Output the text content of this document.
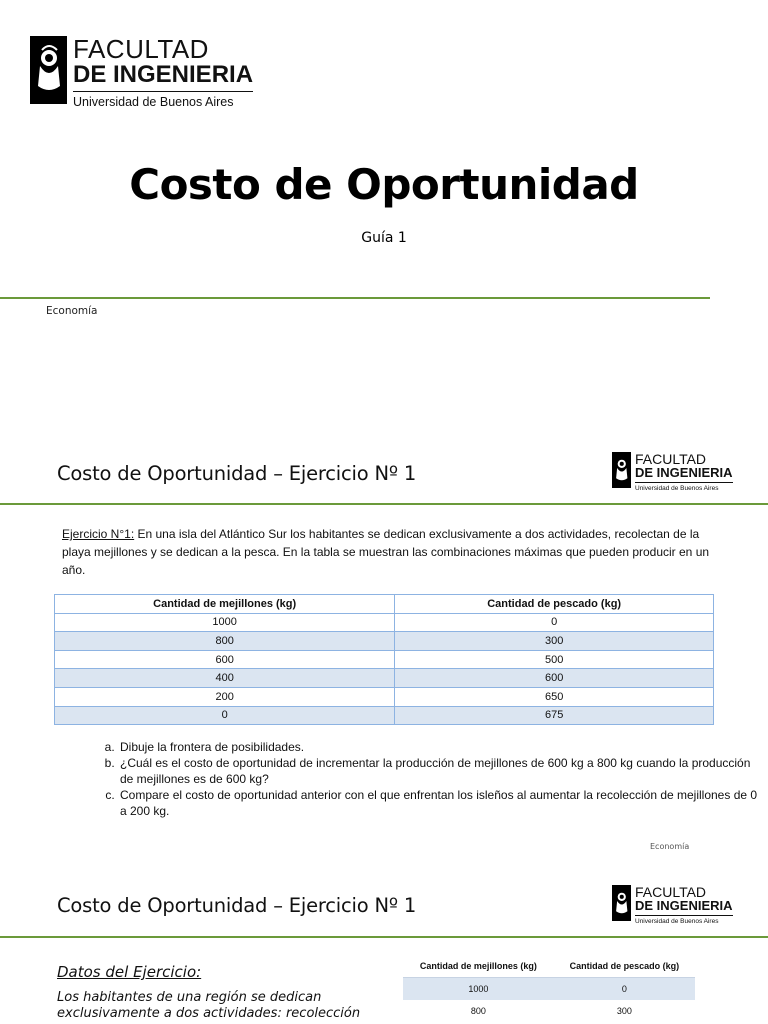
FACULTAD
DE INGENIERIA
Universidad de Buenos Aires
Costo de Oportunidad
Guía 1
Economía
Costo de Oportunidad – Ejercicio Nº 1
FACULTAD
DE INGENIERIA
Universidad de Buenos Aires
Ejercicio N°1: En una isla del Atlántico Sur los habitantes se dedican exclusivamente a dos actividades, recolectan de la playa mejillones y se dedican a la pesca. En la tabla se muestran las combinaciones máximas que pueden producir en un año.
Cantidad de mejillones (kg)	Cantidad de pescado (kg)
1000	0
800	300
600	500
400	600
200	650
0	675
a. Dibuje la frontera de posibilidades.
b. ¿Cuál es el costo de oportunidad de incrementar la producción de mejillones de 600 kg a 800 kg cuando la producción de mejillones es de 600 kg?
c. Compare el costo de oportunidad anterior con el que enfrentan los isleños al aumentar la recolección de mejillones de 0 a 200 kg.
Economía
Costo de Oportunidad – Ejercicio Nº 1
FACULTAD
DE INGENIERIA
Universidad de Buenos Aires
Datos del Ejercicio:
Los habitantes de una región se dedican exclusivamente a dos actividades: recolección
Cantidad de mejillones (kg)	Cantidad de pescado (kg)
1000	0
800	300
